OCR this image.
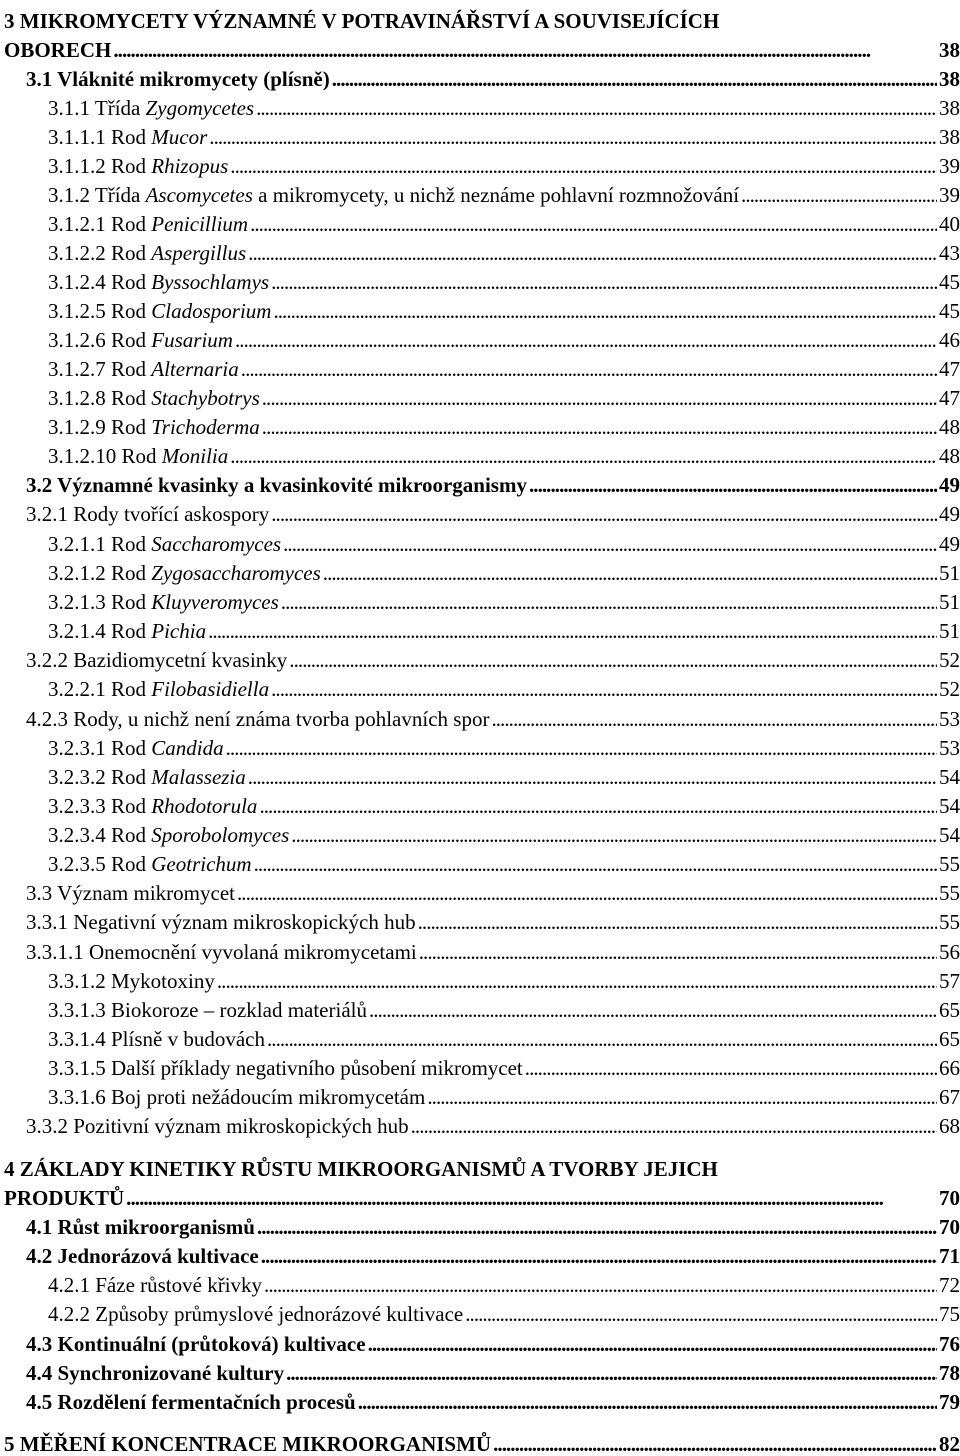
3 MIKROMYCETY VÝZNAMNÉ V POTRAVINÁŘSTVÍ A SOUVISEJÍCÍCH
OBORECH . . .	38
3.1 Vláknité mikromycety (plísně) . . .	38
3.1.1 Třída Zygomycetes . . .	38
3.1.1.1 Rod Mucor . . .	38
3.1.1.2 Rod Rhizopus . . .	39
3.1.2 Třída Ascomycetes a mikromycety, u nichž neznáme pohlavní rozmnožování . . .	39
3.1.2.1 Rod Penicillium . . .	40
3.1.2.2 Rod Aspergillus . . .	43
3.1.2.4 Rod Byssochlamys . . .	45
3.1.2.5 Rod Cladosporium . . .	45
3.1.2.6 Rod Fusarium . . .	46
3.1.2.7 Rod Alternaria . . .	47
3.1.2.8 Rod Stachybotrys . . .	47
3.1.2.9 Rod Trichoderma . . .	48
3.1.2.10 Rod Monilia . . .	48
3.2 Významné kvasinky a kvasinkovité mikroorganismy . . .	49
3.2.1 Rody tvořící askospory . . .	49
3.2.1.1 Rod Saccharomyces . . .	49
3.2.1.2 Rod Zygosaccharomyces . . .	51
3.2.1.3 Rod Kluyveromyces . . .	51
3.2.1.4 Rod Pichia . . .	51
3.2.2 Bazidiomycetní kvasinky . . .	52
3.2.2.1 Rod Filobasidiella . . .	52
4.2.3 Rody, u nichž není známa tvorba pohlavních spor . . .	53
3.2.3.1 Rod Candida . . .	53
3.2.3.2 Rod Malassezia . . .	54
3.2.3.3 Rod Rhodotorula . . .	54
3.2.3.4 Rod Sporobolomyces . . .	54
3.2.3.5 Rod Geotrichum . . .	55
3.3 Význam mikromycet . . .	55
3.3.1 Negativní význam mikroskopických hub . . .	55
3.3.1.1 Onemocnění vyvolaná mikromycetami . . .	56
3.3.1.2 Mykotoxiny . . .	57
3.3.1.3 Biokoroze – rozklad materiálů . . .	65
3.3.1.4 Plísně v budovách . . .	65
3.3.1.5 Další příklady negativního působení mikromycet . . .	66
3.3.1.6 Boj proti nežádoucím mikromycetám . . .	67
3.3.2 Pozitivní význam mikroskopických hub . . .	68
4 ZÁKLADY KINETIKY RŮSTU MIKROORGANISMŮ A TVORBY JEJICH
PRODUKTŮ . . .	70
4.1 Růst mikroorganismů . . .	70
4.2 Jednorázová kultivace . . .	71
4.2.1 Fáze růstové křivky . . .	72
4.2.2 Způsoby průmyslové jednorázové kultivace . . .	75
4.3 Kontinuální (průtoková) kultivace . . .	76
4.4 Synchronizované kultury . . .	78
4.5 Rozdělení fermentačních procesů . . .	79
5 MĚŘENÍ KONCENTRACE MIKROORGANISMŮ . . .	82
